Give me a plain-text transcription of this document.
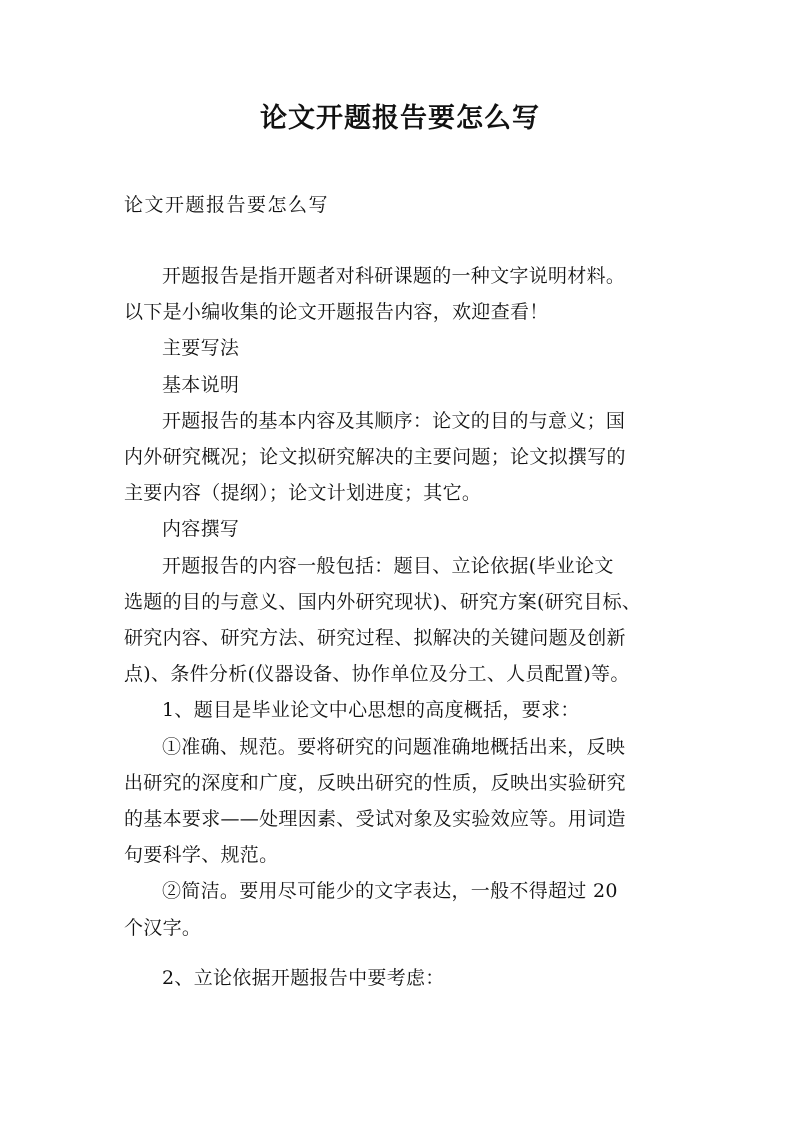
论文开题报告要怎么写

论文开题报告要怎么写

开题报告是指开题者对科研课题的一种文字说明材料。
以下是小编收集的论文开题报告内容，欢迎查看！

主要写法

基本说明

开题报告的基本内容及其顺序：论文的目的与意义；国
内外研究概况；论文拟研究解决的主要问题；论文拟撰写的
主要内容（提纲）；论文计划进度；其它。

内容撰写

开题报告的内容一般包括：题目、立论依据(毕业论文
选题的目的与意义、国内外研究现状)、研究方案(研究目标、
研究内容、研究方法、研究过程、拟解决的关键问题及创新
点)、条件分析(仪器设备、协作单位及分工、人员配置)等。

1、题目是毕业论文中心思想的高度概括，要求：

①准确、规范。要将研究的问题准确地概括出来，反映
出研究的深度和广度，反映出研究的性质，反映出实验研究
的基本要求——处理因素、受试对象及实验效应等。用词造
句要科学、规范。

②简洁。要用尽可能少的文字表达，一般不得超过 20
个汉字。

2、立论依据开题报告中要考虑：
